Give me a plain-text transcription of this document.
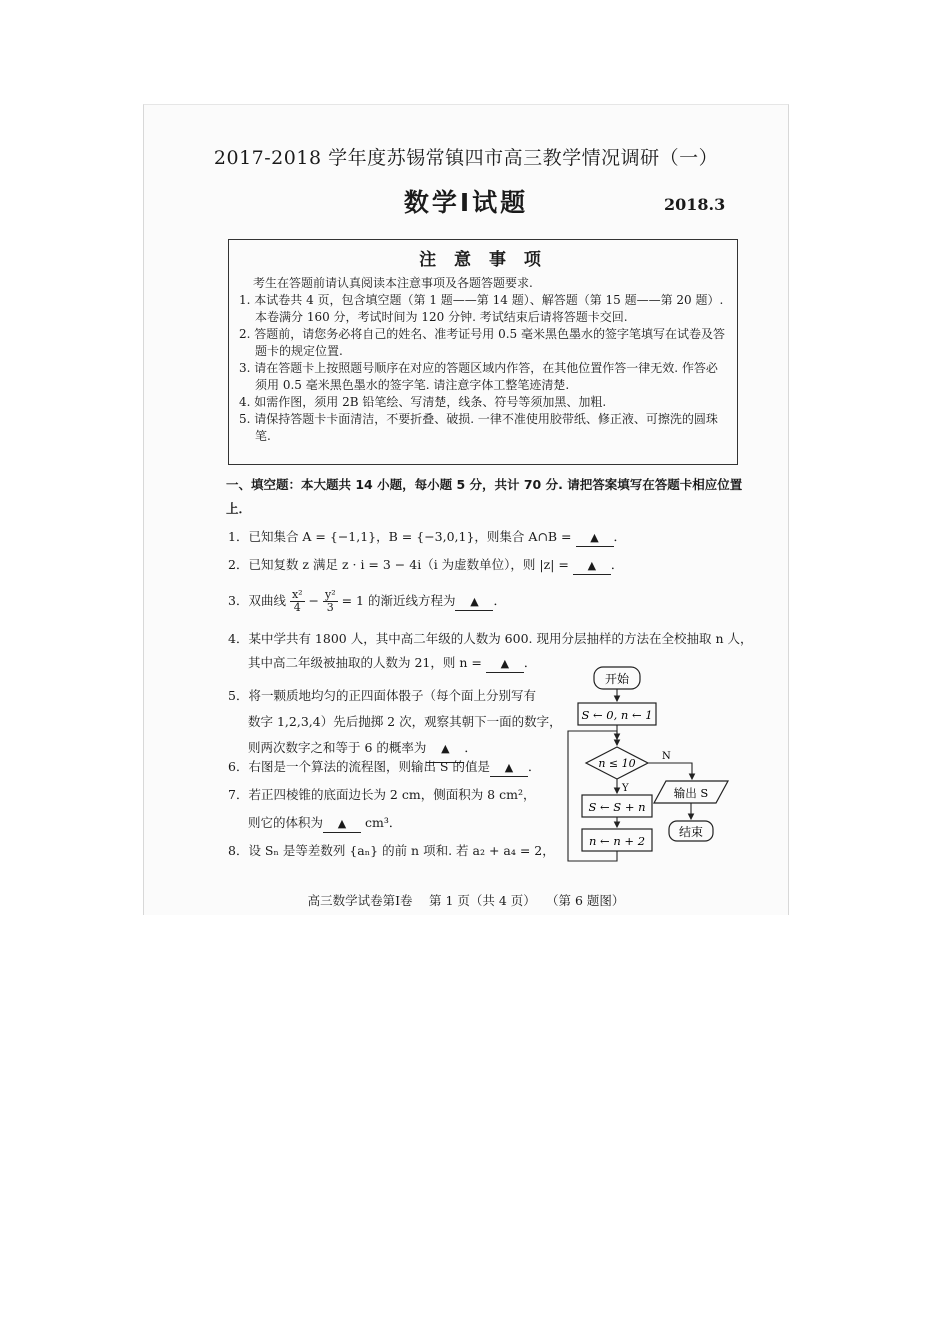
2017-2018 学年度苏锡常镇四市高三教学情况调研（一）
数学Ⅰ试题	2018.3
注 意 事 项
考生在答题前请认真阅读本注意事项及各题答题要求.
1. 本试卷共 4 页，包含填空题（第 1 题——第 14 题）、解答题（第 15 题——第 20 题）. 本卷满分 160 分，考试时间为 120 分钟. 考试结束后请将答题卡交回.
2. 答题前，请您务必将自己的姓名、准考证号用 0.5 毫米黑色墨水的签字笔填写在试卷及答题卡的规定位置.
3. 请在答题卡上按照题号顺序在对应的答题区域内作答，在其他位置作答一律无效. 作答必须用 0.5 毫米黑色墨水的签字笔. 请注意字体工整笔迹清楚.
4. 如需作图，须用 2B 铅笔绘、写清楚，线条、符号等须加黑、加粗.
5. 请保持答题卡卡面清洁，不要折叠、破损. 一律不准使用胶带纸、修正液、可擦洗的圆珠笔.
一、填空题：本大题共 14 小题，每小题 5 分，共计 70 分. 请把答案填写在答题卡相应位置上．
1．已知集合 A = {−1,1}，B = {−3,0,1}，则集合 A∩B = ▲ ．
2．已知复数 z 满足 z · i = 3 − 4i（i 为虚数单位），则 |z| = ▲ ．
3．双曲线 $\frac{\text{x²}}{4} - \frac{\text{y²}}{3} = 1$ 的渐近线方程为 ▲ ．
4．某中学共有 1800 人，其中高二年级的人数为 600. 现用分层抽样的方法在全校抽取 n 人，
其中高二年级被抽取的人数为 21，则 n = ▲ ．
5．将一颗质地均匀的正四面体骰子（每个面上分别写有
数字 1,2,3,4）先后抛掷 2 次，观察其朝下一面的数字，
则两次数字之和等于 6 的概率为 ▲ ．
6．右图是一个算法的流程图，则输出 S 的值是 ▲ ．
7．若正四棱锥的底面边长为 2 cm，侧面积为 8 cm²，
则它的体积为 ▲ cm³．
8．设 Sₙ 是等差数列 {aₙ} 的前 n 项和. 若 a₂ + a₄ = 2，
开始
S ← 0, n ← 1
n ≤ 10
N
输出 S
结束
Y
S ← S + n
n ← n + 2
高三数学试卷第Ⅰ卷　 第 1 页（共 4 页）　 （第 6 题图）
